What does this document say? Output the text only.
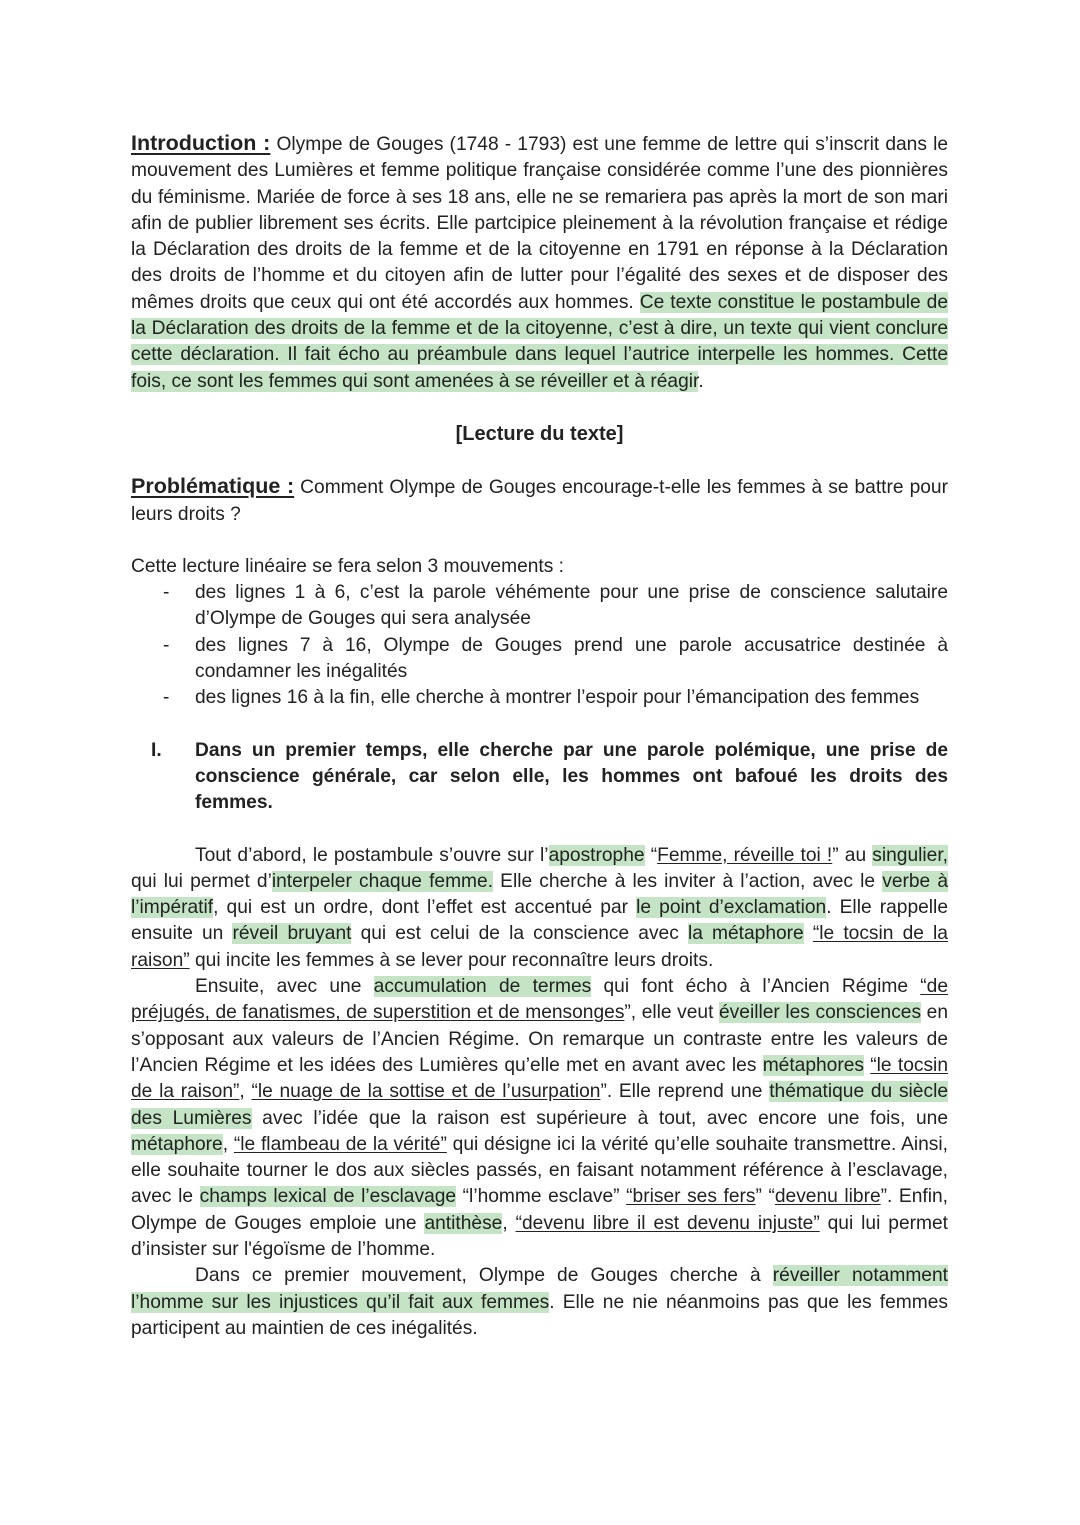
Introduction : Olympe de Gouges (1748 - 1793) est une femme de lettre qui s’inscrit dans le mouvement des Lumières et femme politique française considérée comme l’une des pionnières du féminisme. Mariée de force à ses 18 ans, elle ne se remariera pas après la mort de son mari afin de publier librement ses écrits. Elle partcipice pleinement à la révolution française et rédige la Déclaration des droits de la femme et de la citoyenne en 1791 en réponse à la Déclaration des droits de l’homme et du citoyen afin de lutter pour l’égalité des sexes et de disposer des mêmes droits que ceux qui ont été accordés aux hommes. Ce texte constitue le postambule de la Déclaration des droits de la femme et de la citoyenne, c’est à dire, un texte qui vient conclure cette déclaration. Il fait écho au préambule dans lequel l’autrice interpelle les hommes. Cette fois, ce sont les femmes qui sont amenées à se réveiller et à réagir.

[Lecture du texte]

Problématique : Comment Olympe de Gouges encourage-t-elle les femmes à se battre pour leurs droits ?

Cette lecture linéaire se fera selon 3 mouvements :

- des lignes 1 à 6, c’est la parole véhémente pour une prise de conscience salutaire d’Olympe de Gouges qui sera analysée
- des lignes 7 à 16, Olympe de Gouges prend une parole accusatrice destinée à condamner les inégalités
- des lignes 16 à la fin, elle cherche à montrer l’espoir pour l’émancipation des femmes
I. Dans un premier temps, elle cherche par une parole polémique, une prise de conscience générale, car selon elle, les hommes ont bafoué les droits des femmes.

Tout d’abord, le postambule s’ouvre sur l’apostrophe “Femme, réveille toi !” au singulier, qui lui permet d’interpeler chaque femme. Elle cherche à les inviter à l’action, avec le verbe à l’impératif, qui est un ordre, dont l’effet est accentué par le point d’exclamation. Elle rappelle ensuite un réveil bruyant qui est celui de la conscience avec la métaphore “le tocsin de la raison” qui incite les femmes à se lever pour reconnaître leurs droits.

Ensuite, avec une accumulation de termes qui font écho à l’Ancien Régime “de préjugés, de fanatismes, de superstition et de mensonges”, elle veut éveiller les consciences en s’opposant aux valeurs de l’Ancien Régime. On remarque un contraste entre les valeurs de l’Ancien Régime et les idées des Lumières qu’elle met en avant avec les métaphores “le tocsin de la raison”, “le nuage de la sottise et de l’usurpation”. Elle reprend une thématique du siècle des Lumières avec l’idée que la raison est supérieure à tout, avec encore une fois, une métaphore, “le flambeau de la vérité” qui désigne ici la vérité qu’elle souhaite transmettre. Ainsi, elle souhaite tourner le dos aux siècles passés, en faisant notamment référence à l’esclavage, avec le champs lexical de l’esclavage “l’homme esclave” “briser ses fers” “devenu libre”. Enfin, Olympe de Gouges emploie une antithèse, “devenu libre il est devenu injuste” qui lui permet d’insister sur l'égoïsme de l’homme.

Dans ce premier mouvement, Olympe de Gouges cherche à réveiller notamment l’homme sur les injustices qu’il fait aux femmes. Elle ne nie néanmoins pas que les femmes participent au maintien de ces inégalités.
